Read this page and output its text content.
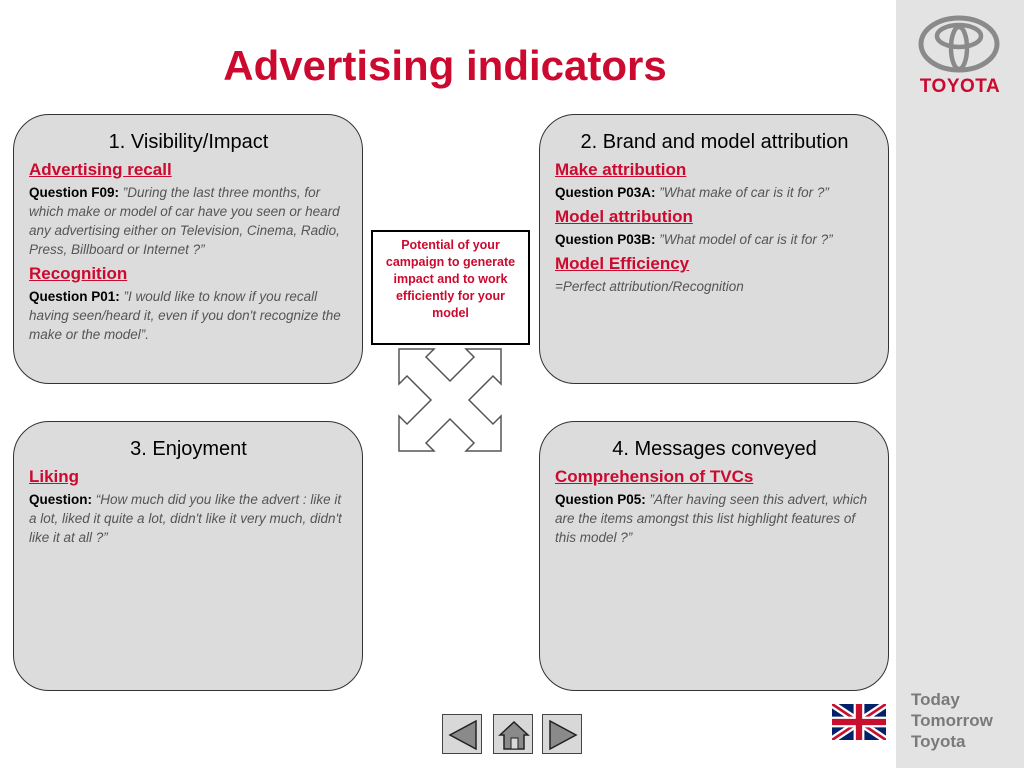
TOYOTA
Today
Tomorrow
Toyota
Advertising indicators
1. Visibility/Impact
Advertising recall
Question F09: ”During the last three months, for which make or model of car have you seen or heard any advertising either on Television, Cinema, Radio, Press, Billboard or Internet ?”
Recognition
Question P01: ”I would like to know if you recall having seen/heard it, even if you don't recognize the make or the model”.
2. Brand and model attribution
Make attribution
Question P03A: ”What make of car is it for ?”
Model attribution
Question P03B: ”What model of car is it for ?”
Model Efficiency
=Perfect attribution/Recognition
3. Enjoyment
Liking
Question: “How much did you like the advert : like it a lot, liked it quite a lot, didn't like it very much, didn't like it at all ?”
4. Messages conveyed
Comprehension of TVCs
Question P05: ”After having seen this advert, which are the items amongst this list highlight features of this model ?”
Potential of your campaign to generate impact and to work efficiently for your model
